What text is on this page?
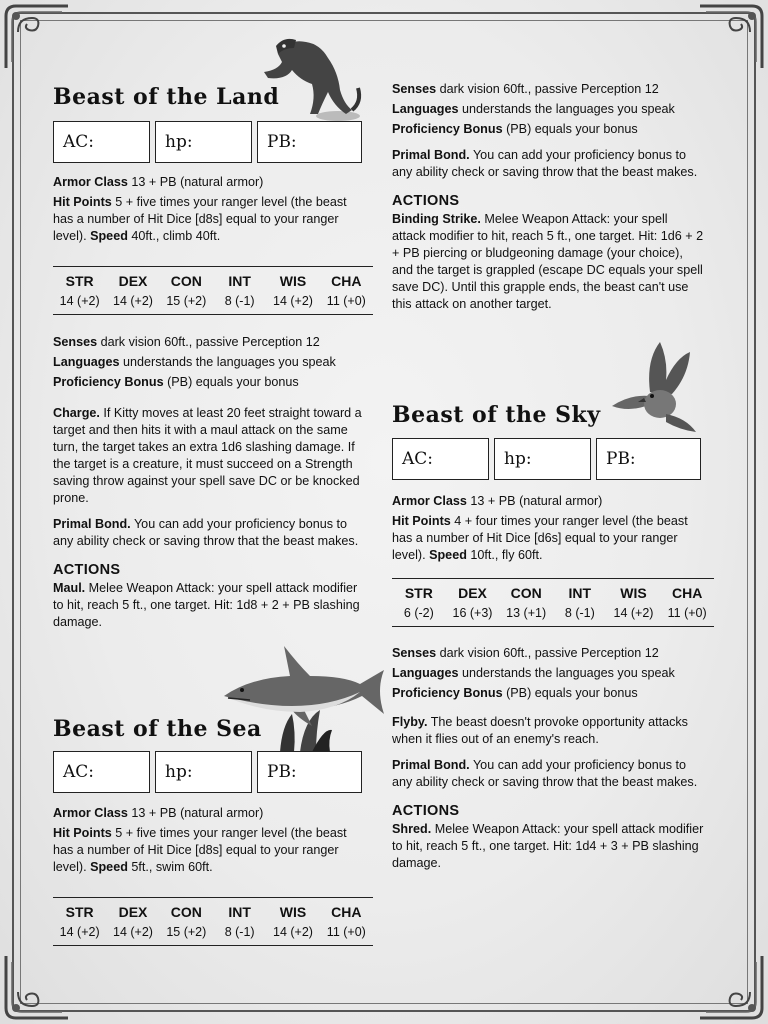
Beast of the Land
AC:	hp:	PB:

Armor Class 13 + PB (natural armor)

Hit Points 5 + five times your ranger level (the beast has a number of Hit Dice [d8s] equal to your ranger level). Speed 40ft., climb 40ft.

STR	DEX	CON	INT	WIS	CHA
14 (+2)	14 (+2)	15 (+2)	8 (-1)	14 (+2)	11 (+0)

Senses dark vision 60ft., passive Perception 12

Languages understands the languages you speak

Proficiency Bonus (PB) equals your bonus

Charge. If Kitty moves at least 20 feet straight toward a target and then hits it with a maul attack on the same turn, the target takes an extra 1d6 slashing damage. If the target is a creature, it must succeed on a Strength saving throw against your spell save DC or be knocked prone.

Primal Bond. You can add your proficiency bonus to any ability check or saving throw that the beast makes.

ACTIONS

Maul. Melee Weapon Attack: your spell attack modifier to hit, reach 5 ft., one target. Hit: 1d8 + 2 + PB slashing damage.

Beast of the Sea
AC:	hp:	PB:

Armor Class 13 + PB (natural armor)

Hit Points 5 + five times your ranger level (the beast has a number of Hit Dice [d8s] equal to your ranger level). Speed 5ft., swim 60ft.

STR	DEX	CON	INT	WIS	CHA
14 (+2)	14 (+2)	15 (+2)	8 (-1)	14 (+2)	11 (+0)

Senses dark vision 60ft., passive Perception 12

Languages understands the languages you speak

Proficiency Bonus (PB) equals your bonus

Primal Bond. You can add your proficiency bonus to any ability check or saving throw that the beast makes.

ACTIONS

Binding Strike. Melee Weapon Attack: your spell attack modifier to hit, reach 5 ft., one target. Hit: 1d6 + 2 + PB piercing or bludgeoning damage (your choice), and the target is grappled (escape DC equals your spell save DC). Until this grapple ends, the beast can't use this attack on another target.

Beast of the Sky
AC:	hp:	PB:

Armor Class 13 + PB (natural armor)

Hit Points 4 + four times your ranger level (the beast has a number of Hit Dice [d6s] equal to your ranger level). Speed 10ft., fly 60ft.

STR	DEX	CON	INT	WIS	CHA
6 (-2)	16 (+3)	13 (+1)	8 (-1)	14 (+2)	11 (+0)

Senses dark vision 60ft., passive Perception 12

Languages understands the languages you speak

Proficiency Bonus (PB) equals your bonus

Flyby. The beast doesn't provoke opportunity attacks when it flies out of an enemy's reach.

Primal Bond. You can add your proficiency bonus to any ability check or saving throw that the beast makes.

ACTIONS

Shred. Melee Weapon Attack: your spell attack modifier to hit, reach 5 ft., one target. Hit: 1d4 + 3 + PB slashing damage.
